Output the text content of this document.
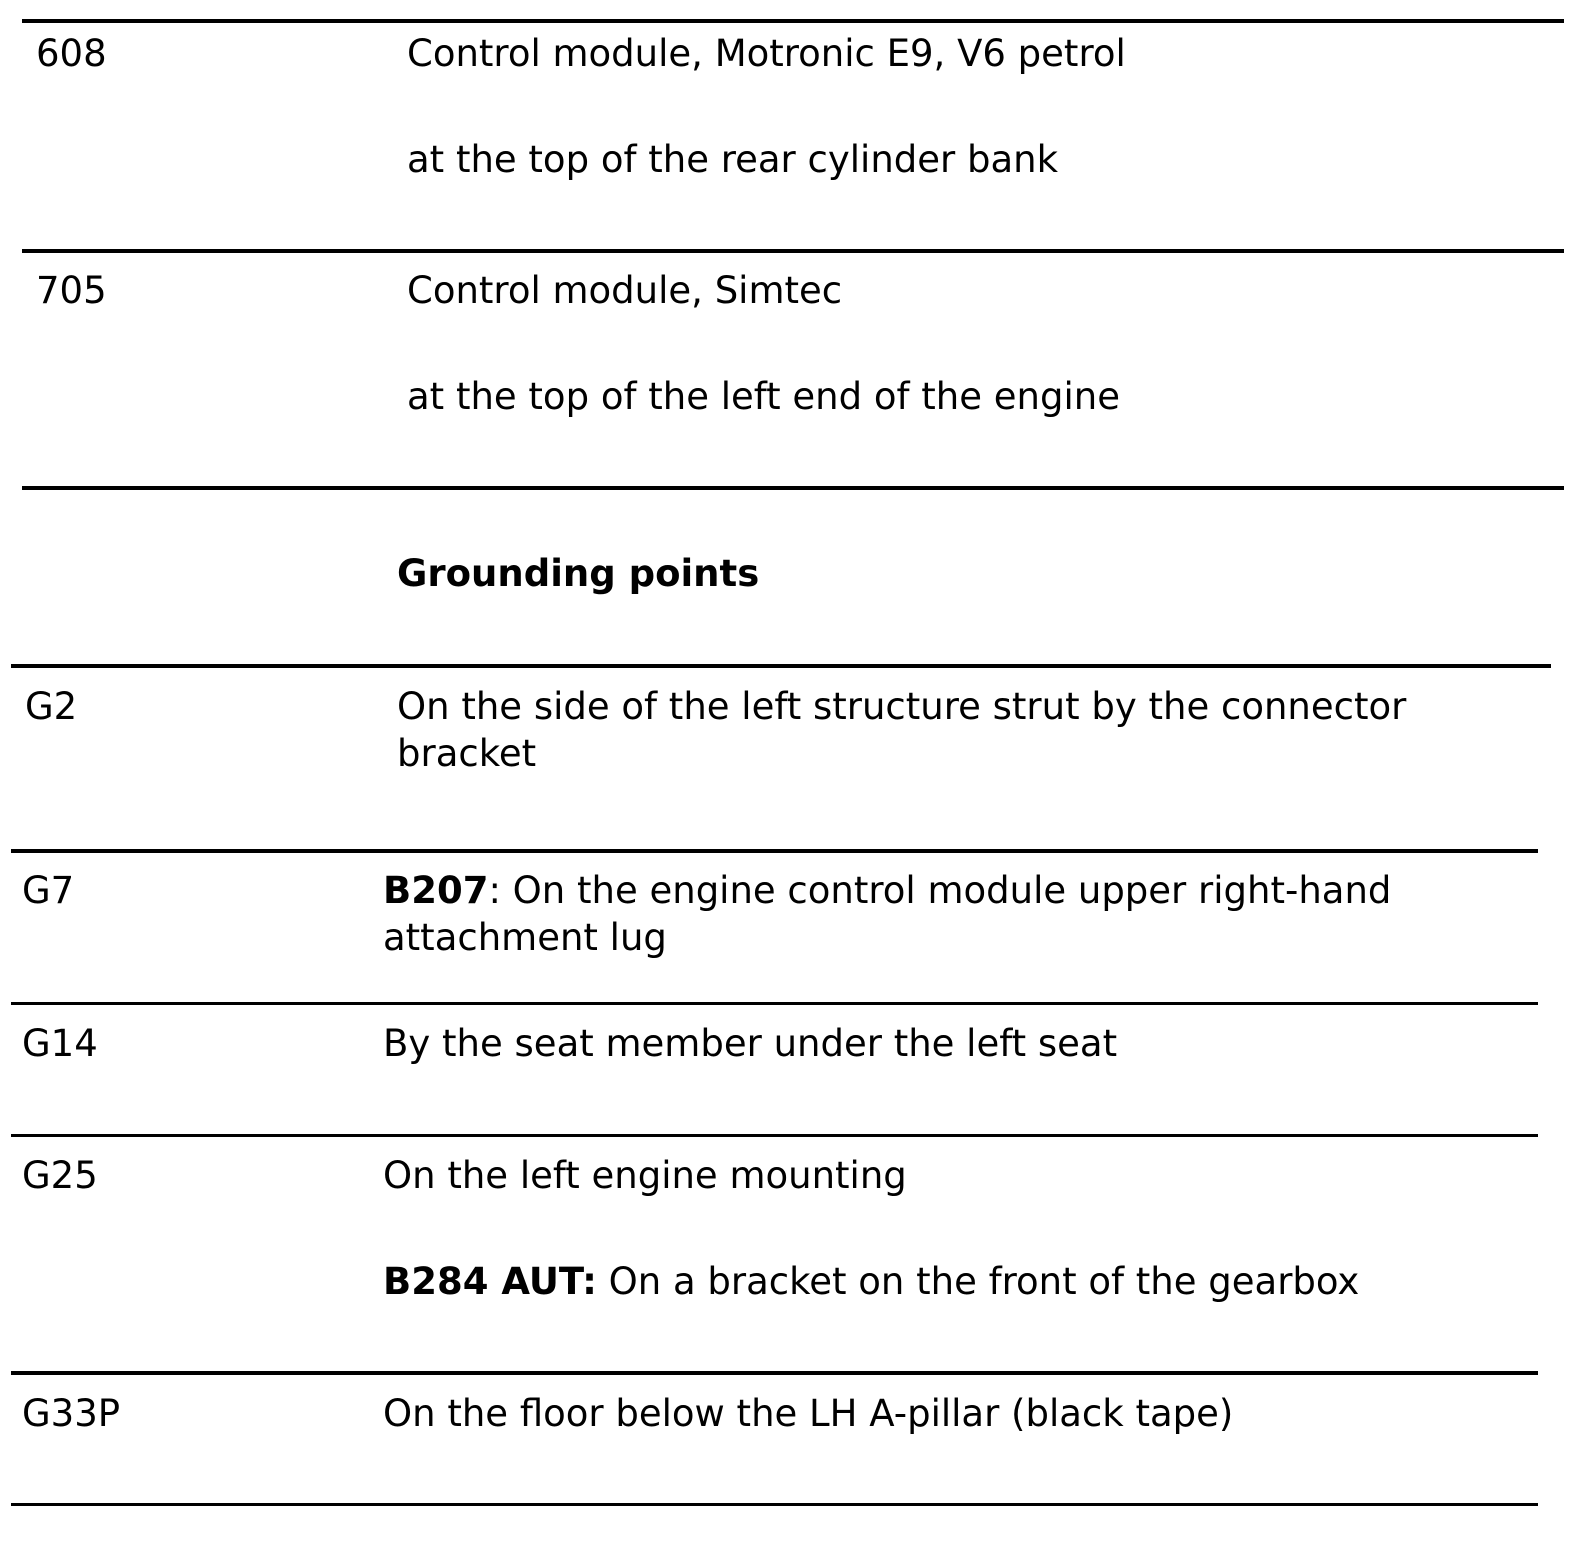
608	Control module, Motronic E9, V6 petrol
at the top of the rear cylinder bank
705	Control module, Simtec
at the top of the left end of the engine
Grounding points
G2	On the side of the left structure strut by the connector bracket
G7	B207: On the engine control module upper right-hand attachment lug
G14	By the seat member under the left seat
G25	On the left engine mounting
B284 AUT: On a bracket on the front of the gearbox
G33P	On the floor below the LH A-pillar (black tape)
